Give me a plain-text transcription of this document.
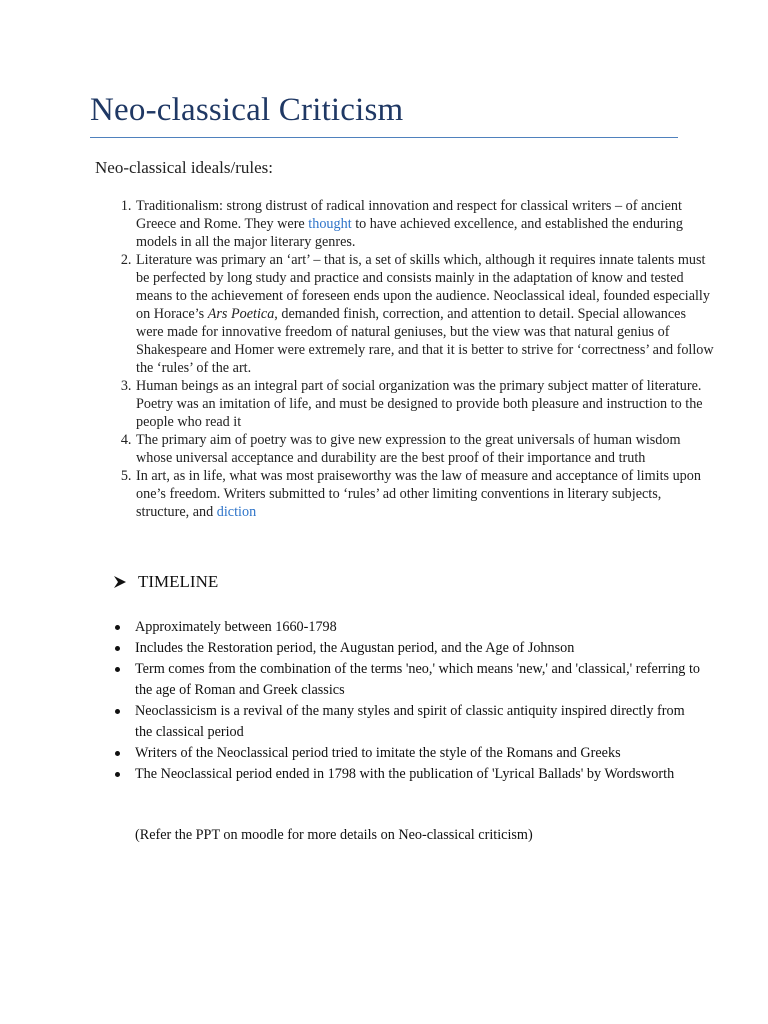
Neo-classical Criticism
Neo-classical ideals/rules:
1. Traditionalism: strong distrust of radical innovation and respect for classical writers – of ancient Greece and Rome. They were thought to have achieved excellence, and established the enduring models in all the major literary genres.
2. Literature was primary an ‘art’ – that is, a set of skills which, although it requires innate talents must be perfected by long study and practice and consists mainly in the adaptation of know and tested means to the achievement of foreseen ends upon the audience. Neoclassical ideal, founded especially on Horace’s Ars Poetica, demanded finish, correction, and attention to detail. Special allowances were made for innovative freedom of natural geniuses, but the view was that natural genius of Shakespeare and Homer were extremely rare, and that it is better to strive for ‘correctness’ and follow the ‘rules’ of the art.
3. Human beings as an integral part of social organization was the primary subject matter of literature. Poetry was an imitation of life, and must be designed to provide both pleasure and instruction to the people who read it
4. The primary aim of poetry was to give new expression to the great universals of human wisdom whose universal acceptance and durability are the best proof of their importance and truth
5. In art, as in life, what was most praiseworthy was the law of measure and acceptance of limits upon one’s freedom. Writers submitted to ‘rules’ ad other limiting conventions in literary subjects, structure, and diction
TIMELINE
Approximately between 1660-1798
Includes the Restoration period, the Augustan period, and the Age of Johnson
Term comes from the combination of the terms 'neo,' which means 'new,' and 'classical,' referring to the age of Roman and Greek classics
Neoclassicism is a revival of the many styles and spirit of classic antiquity inspired directly from the classical period
Writers of the Neoclassical period tried to imitate the style of the Romans and Greeks
The Neoclassical period ended in 1798 with the publication of 'Lyrical Ballads' by Wordsworth
(Refer the PPT on moodle for more details on Neo-classical criticism)
